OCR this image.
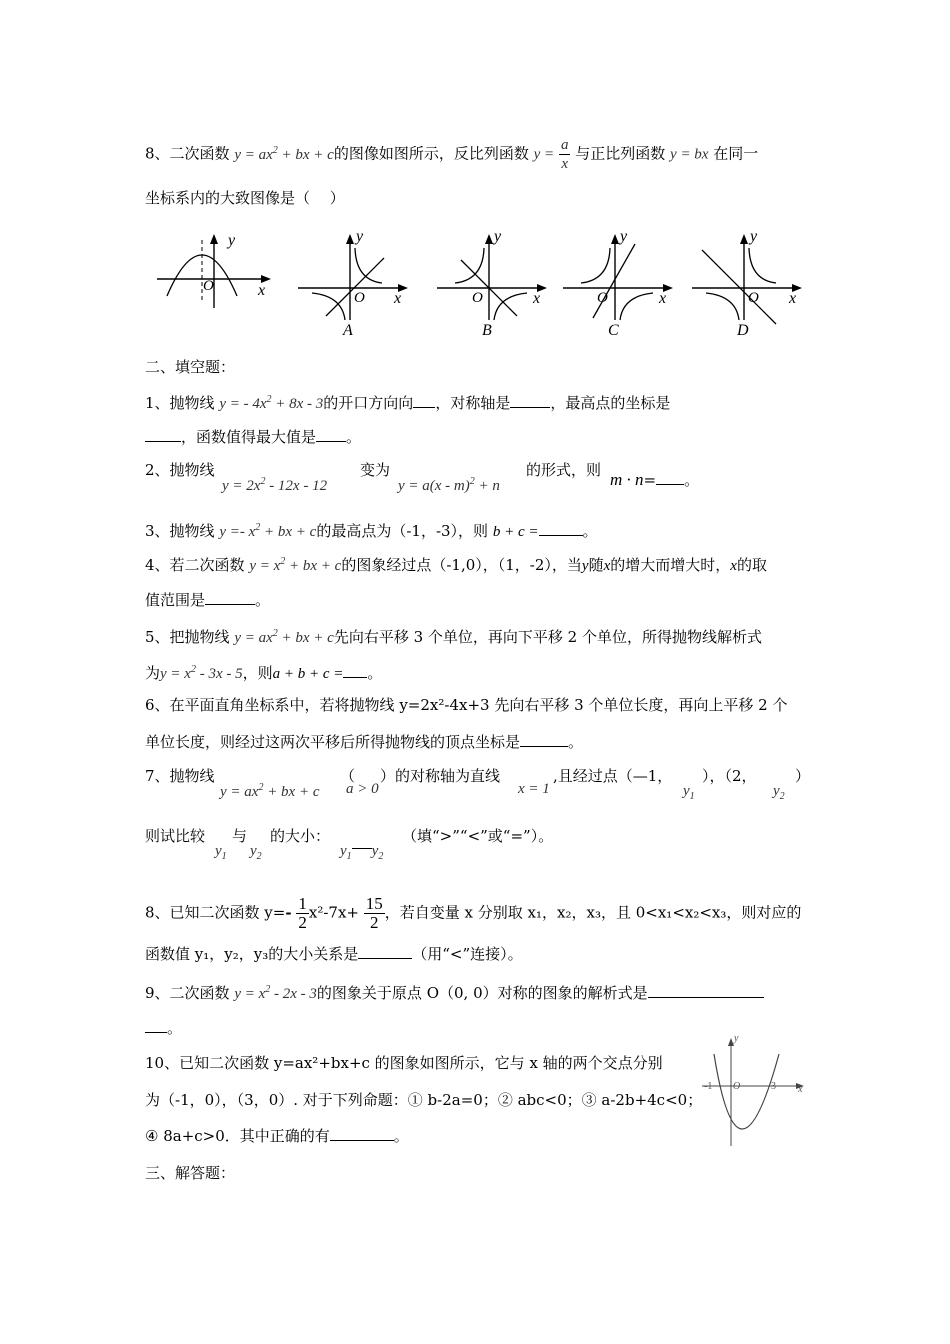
8、二次函数 $y = ax^2$ + bx + c的图像如图所示，反比列函数 $y = \frac{a}{x}$ 与正比列函数 y = bx 在同一
坐标系内的大致图像是（　 ）
y
x
O
y
x
O
A
y
x
O
B
y
x
O
C
y
x
O
D
二、填空题：
1、抛物线 y = - $4x^2 + 8x - 3$的开口方向向 ，对称轴是	，最高点的坐标是
，函数值得最大值是 。
2、抛物线
$y = 2x^2 - 12x - 12$
变为
y = a(x - m)$^2$ + n
的形式，则 m · n= 。
3、抛物线 $y =- x^2$ + bx + c的最高点为（-1，-3），则 b + c =	。
4、若二次函数 $y = x^2$ + bx + c的图象经过点（-1,0），（1，-2），当y随x的增大而增大时，x的取
值范围是	。
5、把抛物线 $y = ax^2$ + bx + c先向右平移 3 个单位，再向下平移 2 个单位，所得抛物线解析式
为$y = x^2 - 3x - 5$，则a + b + c = 。
6、在平面直角坐标系中，若将抛物线 y=2x²-4x+3 先向右平移 3 个单位长度，再向上平移 2 个
单位长度，则经过这两次平移后所得抛物线的顶点坐标是	。
7、抛物线
$y = ax^2$ + bx + c
（
a > 0
）的对称轴为直线
x = 1
,且经过点（—1，
$y_1$
），（2，
$y_2$
）
则试比较
$y_1$
与
$y_2$
的大小：
$y_1$ $y_2$
（填“>”“<”或“=”）。
8、已知二次函数 $y=- \frac{1}{2} x^2-7x+ \frac{15}{2}$ ，若自变量 x 分别取 x₁，x₂，x₃，且 0<x₁<x₂<x₃，则对应的
函数值 y₁，y₂，y₃的大小关系是	（用“<”连接）。
9、二次函数 $y = x^2 - 2x - 3$的图象关于原点 O（0, 0）对称的图象的解析式是
。
10、已知二次函数 y=ax²+bx+c 的图象如图所示，它与 x 轴的两个交点分别
为（-1，0），（3，0）. 对于下列命题：① b-2a=0；② abc<0；③ a-2b+4c<0；
④ 8a+c>0．其中正确的有	。
y
x
-1 O	3
三、解答题：
